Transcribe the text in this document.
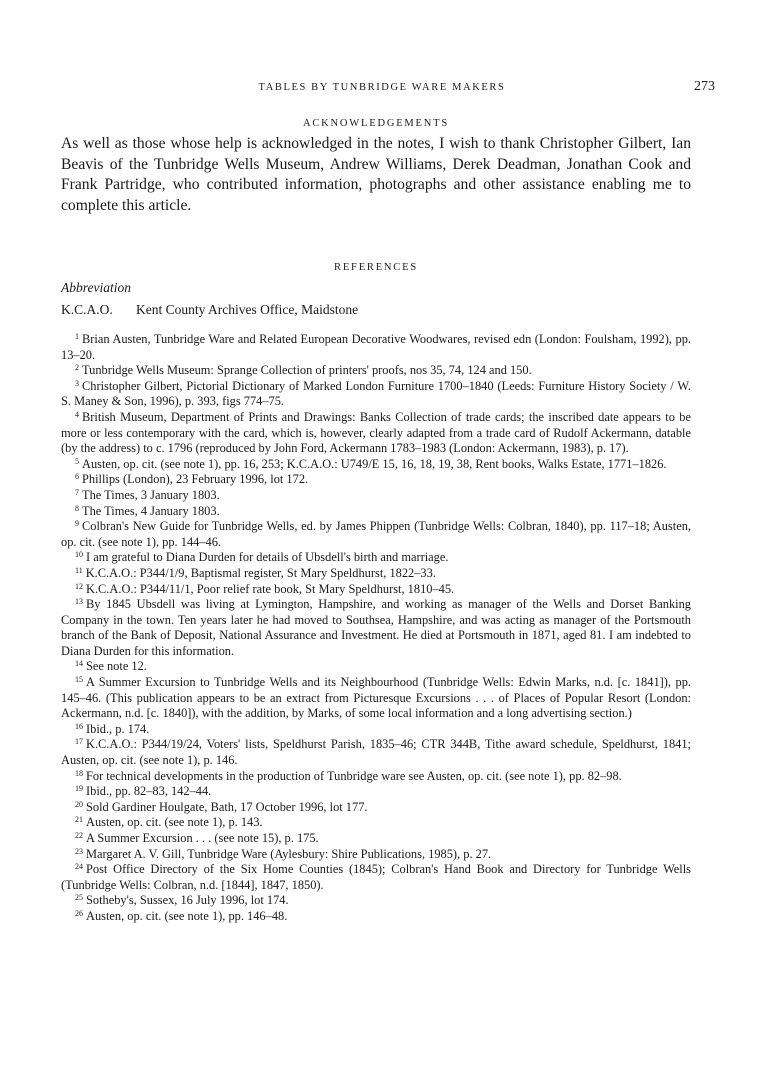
TABLES BY TUNBRIDGE WARE MAKERS	273
ACKNOWLEDGEMENTS

As well as those whose help is acknowledged in the notes, I wish to thank Christopher Gilbert, Ian Beavis of the Tunbridge Wells Museum, Andrew Williams, Derek Deadman, Jonathan Cook and Frank Partridge, who contributed information, photographs and other assistance enabling me to complete this article.

REFERENCES

Abbreviation

K.C.A.O. Kent County Archives Office, Maidstone

$^1$ Brian Austen, Tunbridge Ware and Related European Decorative Woodwares, revised edn (London: Foulsham, 1992), pp. 13–20.
$^2$ Tunbridge Wells Museum: Sprange Collection of printers' proofs, nos 35, 74, 124 and 150.
$^3$ Christopher Gilbert, Pictorial Dictionary of Marked London Furniture 1700–1840 (Leeds: Furniture History Society / W. S. Maney & Son, 1996), p. 393, figs 774–75.
$^4$ British Museum, Department of Prints and Drawings: Banks Collection of trade cards; the inscribed date appears to be more or less contemporary with the card, which is, however, clearly adapted from a trade card of Rudolf Ackermann, datable (by the address) to c. 1796 (reproduced by John Ford, Ackermann 1783–1983 (London: Ackermann, 1983), p. 17).
$^5$ Austen, op. cit. (see note 1), pp. 16, 253; K.C.A.O.: U749/E 15, 16, 18, 19, 38, Rent books, Walks Estate, 1771–1826.
$^6$ Phillips (London), 23 February 1996, lot 172.
$^7$ The Times, 3 January 1803.
$^8$ The Times, 4 January 1803.
$^9$ Colbran's New Guide for Tunbridge Wells, ed. by James Phippen (Tunbridge Wells: Colbran, 1840), pp. 117–18; Austen, op. cit. (see note 1), pp. 144–46.
$^{10}$ I am grateful to Diana Durden for details of Ubsdell's birth and marriage.
$^{11}$ K.C.A.O.: P344/1/9, Baptismal register, St Mary Speldhurst, 1822–33.
$^{12}$ K.C.A.O.: P344/11/1, Poor relief rate book, St Mary Speldhurst, 1810–45.
$^{13}$ By 1845 Ubsdell was living at Lymington, Hampshire, and working as manager of the Wells and Dorset Banking Company in the town. Ten years later he had moved to Southsea, Hampshire, and was acting as manager of the Portsmouth branch of the Bank of Deposit, National Assurance and Investment. He died at Portsmouth in 1871, aged 81. I am indebted to Diana Durden for this information.
$^{14}$ See note 12.
$^{15}$ A Summer Excursion to Tunbridge Wells and its Neighbourhood (Tunbridge Wells: Edwin Marks, n.d. [c. 1841]), pp. 145–46. (This publication appears to be an extract from Picturesque Excursions . . . of Places of Popular Resort (London: Ackermann, n.d. [c. 1840]), with the addition, by Marks, of some local information and a long advertising section.)
$^{16}$ Ibid., p. 174.
$^{17}$ K.C.A.O.: P344/19/24, Voters' lists, Speldhurst Parish, 1835–46; CTR 344B, Tithe award schedule, Speldhurst, 1841; Austen, op. cit. (see note 1), p. 146.
$^{18}$ For technical developments in the production of Tunbridge ware see Austen, op. cit. (see note 1), pp. 82–98.
$^{19}$ Ibid., pp. 82–83, 142–44.
$^{20}$ Sold Gardiner Houlgate, Bath, 17 October 1996, lot 177.
$^{21}$ Austen, op. cit. (see note 1), p. 143.
$^{22}$ A Summer Excursion . . . (see note 15), p. 175.
$^{23}$ Margaret A. V. Gill, Tunbridge Ware (Aylesbury: Shire Publications, 1985), p. 27.
$^{24}$ Post Office Directory of the Six Home Counties (1845); Colbran's Hand Book and Directory for Tunbridge Wells (Tunbridge Wells: Colbran, n.d. [1844], 1847, 1850).
$^{25}$ Sotheby's, Sussex, 16 July 1996, lot 174.
$^{26}$ Austen, op. cit. (see note 1), pp. 146–48.
